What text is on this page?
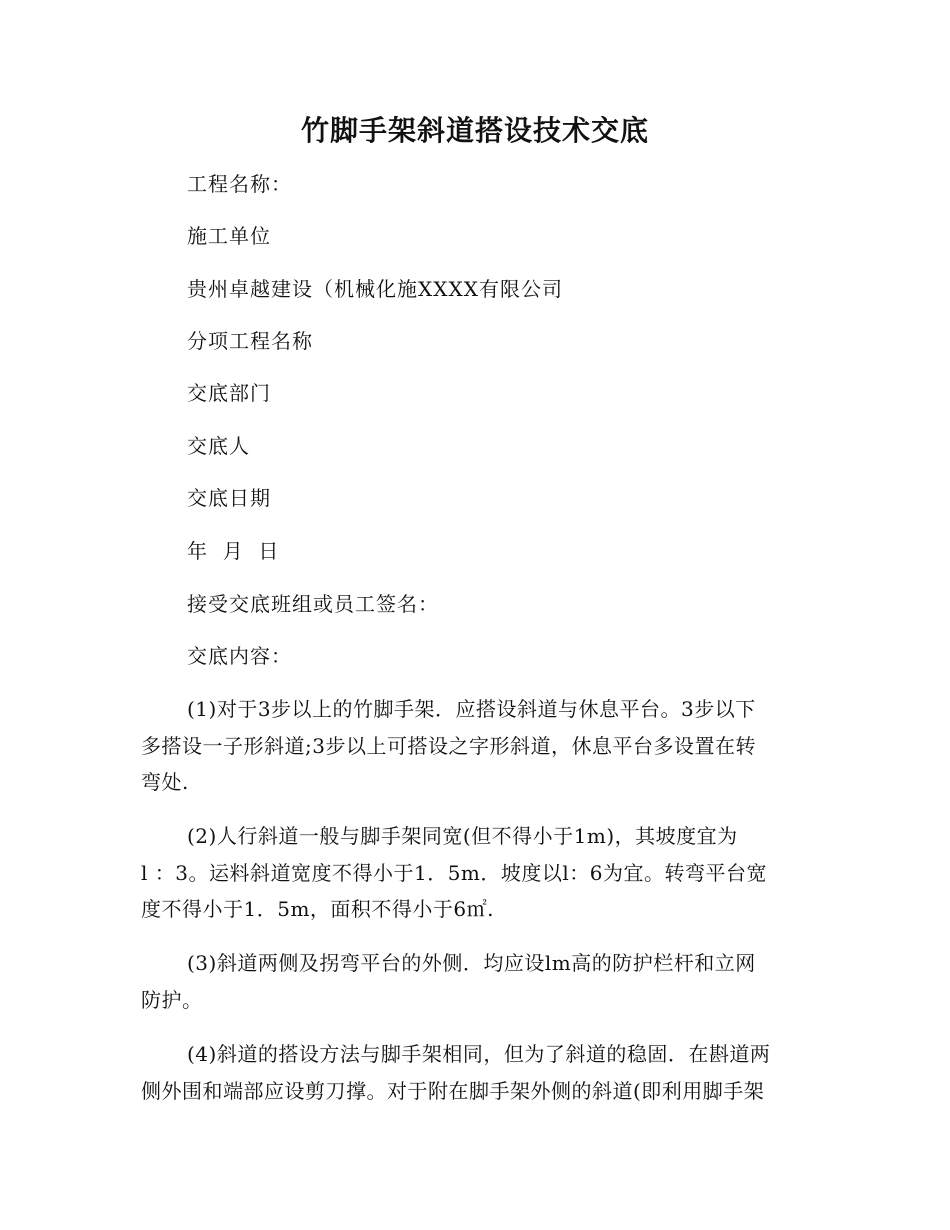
竹脚手架斜道搭设技术交底
工程名称：
施工单位
贵州卓越建设（机械化施XXXX有限公司
分项工程名称
交底部门
交底人
交底日期
年  月  日
接受交底班组或员工签名：
交底内容：
(1)对于3步以上的竹脚手架．应搭设斜道与休息平台。3步以下
多搭设一子形斜道;3步以上可搭设之字形斜道，休息平台多设置在转
弯处.
(2)人行斜道一般与脚手架同宽(但不得小于1m)，其坡度宜为
l ：3。运料斜道宽度不得小于1．5m．坡度以l：6为宜。转弯平台宽
度不得小于1．5m，面积不得小于6㎡.
(3)斜道两侧及拐弯平台的外侧．均应设lm高的防护栏杆和立网
防护。
(4)斜道的搭设方法与脚手架相同，但为了斜道的稳固．在斟道两
侧外围和端部应设剪刀撑。对于附在脚手架外侧的斜道(即利用脚手架
